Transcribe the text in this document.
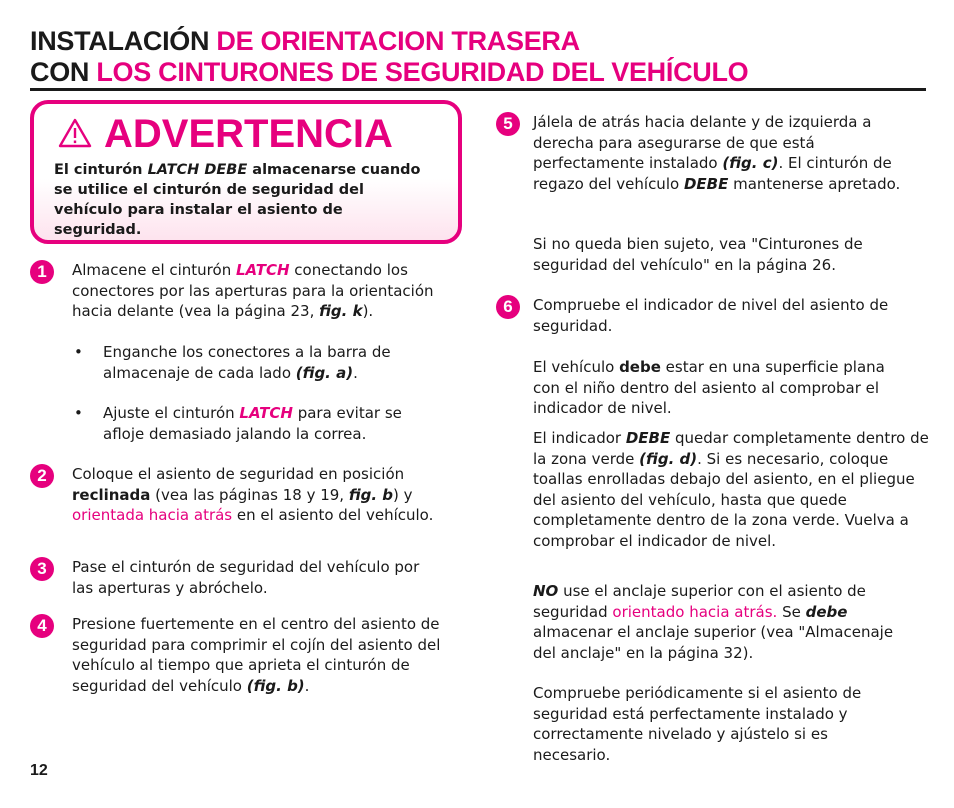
INSTALACIÓN DE ORIENTACION TRASERA
CON LOS CINTURONES DE SEGURIDAD DEL VEHÍCULO
ADVERTENCIA
El cinturón LATCH DEBE almacenarse cuando se utilice el cinturón de seguridad del vehículo para instalar el asiento de seguridad.
1	Almacene el cinturón LATCH conectando los conectores por las aperturas para la orientación hacia delante (vea la página 23, fig. k).
• Enganche los conectores a la barra de almacenaje de cada lado (fig. a).
• Ajuste el cinturón LATCH para evitar se afloje demasiado jalando la correa.
2	Coloque el asiento de seguridad en posición reclinada (vea las páginas 18 y 19, fig. b) y orientada hacia atrás en el asiento del vehículo.
3	Pase el cinturón de seguridad del vehículo por las aperturas y abróchelo.
4	Presione fuertemente en el centro del asiento de seguridad para comprimir el cojín del asiento del vehículo al tiempo que aprieta el cinturón de seguridad del vehículo (fig. b).
5	Jálela de atrás hacia delante y de izquierda a derecha para asegurarse de que está perfectamente instalado (fig. c). El cinturón de regazo del vehículo DEBE mantenerse apretado.
Si no queda bien sujeto, vea "Cinturones de seguridad del vehículo" en la página 26.
6	Compruebe el indicador de nivel del asiento de seguridad.
El vehículo debe estar en una superficie plana con el niño dentro del asiento al comprobar el indicador de nivel.
El indicador DEBE quedar completamente dentro de la zona verde (fig. d). Si es necesario, coloque toallas enrolladas debajo del asiento, en el pliegue del asiento del vehículo, hasta que quede completamente dentro de la zona verde. Vuelva a comprobar el indicador de nivel.
NO use el anclaje superior con el asiento de seguridad orientado hacia atrás. Se debe almacenar el anclaje superior (vea "Almacenaje del anclaje" en la página 32).
Compruebe periódicamente si el asiento de seguridad está perfectamente instalado y correctamente nivelado y ajústelo si es necesario.
12
